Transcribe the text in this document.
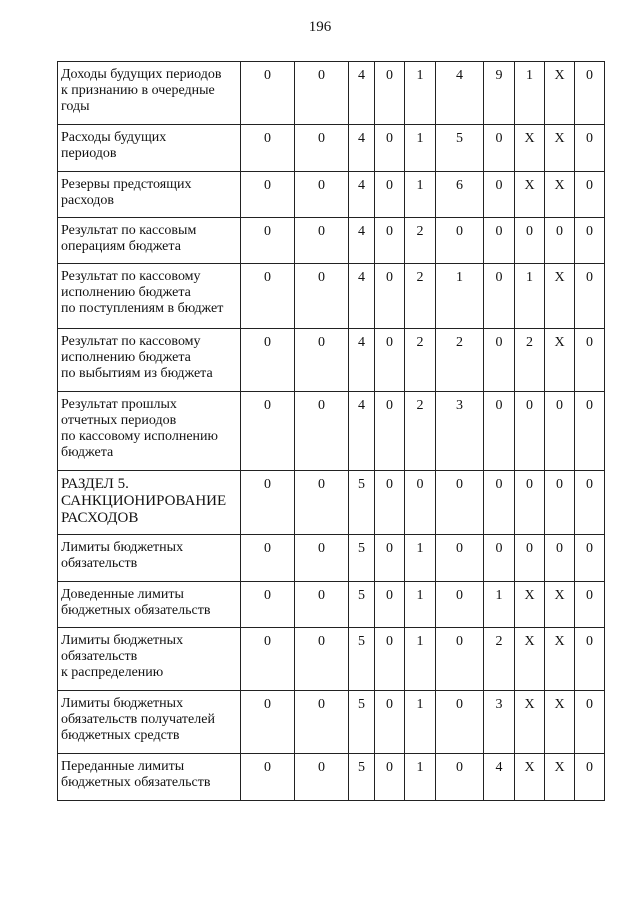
196
Доходы будущих периодов
к признанию в очередные
годы	0	0	4	0	1	4	9	1	X	0

Расходы будущих
периодов	0	0	4	0	1	5	0	X	X	0

Резервы предстоящих
расходов	0	0	4	0	1	6	0	X	X	0

Результат по кассовым
операциям бюджета	0	0	4	0	2	0	0	0	0	0

Результат по кассовому
исполнению бюджета
по поступлениям в бюджет	0	0	4	0	2	1	0	1	X	0

Результат по кассовому
исполнению бюджета
по выбытиям из бюджета	0	0	4	0	2	2	0	2	X	0

Результат прошлых
отчетных периодов
по кассовому исполнению
бюджета	0	0	4	0	2	3	0	0	0	0

РАЗДЕЛ 5.
САНКЦИОНИРОВАНИЕ
РАСХОДОВ	0	0	5	0	0	0	0	0	0	0

Лимиты бюджетных
обязательств	0	0	5	0	1	0	0	0	0	0

Доведенные лимиты
бюджетных обязательств	0	0	5	0	1	0	1	X	X	0

Лимиты бюджетных
обязательств
к распределению	0	0	5	0	1	0	2	X	X	0

Лимиты бюджетных
обязательств получателей
бюджетных средств	0	0	5	0	1	0	3	X	X	0

Переданные лимиты
бюджетных обязательств	0	0	5	0	1	0	4	X	X	0
